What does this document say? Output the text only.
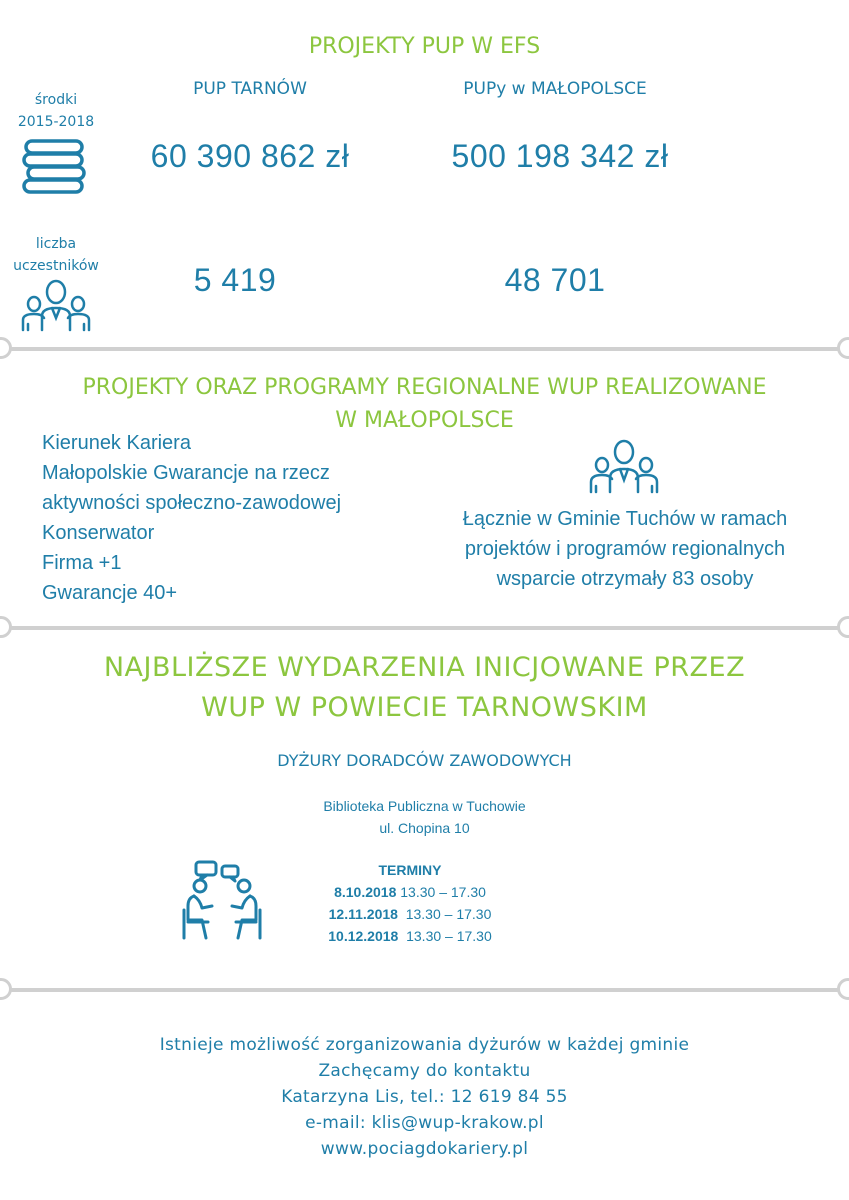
PROJEKTY PUP W EFS
PUP TARNÓW	PUPy w MAŁOPOLSCE
środki
2015-2018
60 390 862 zł	500 198 342 zł
liczba
uczestników	5 419	48 701
PROJEKTY ORAZ PROGRAMY REGIONALNE WUP REALIZOWANE
W MAŁOPOLSCE
Kierunek Kariera
Małopolskie Gwarancje na rzecz
aktywności społeczno-zawodowej
Konserwator
Firma +1
Gwarancje 40+
Łącznie w Gminie Tuchów w ramach
projektów i programów regionalnych
wsparcie otrzymały 83 osoby
NAJBLIŻSZE WYDARZENIA INICJOWANE PRZEZ
WUP W POWIECIE TARNOWSKIM
DYŻURY DORADCÓW ZAWODOWYCH
Biblioteka Publiczna w Tuchowie
ul. Chopina 10
TERMINY
8.10.2018 13.30 – 17.30
12.11.2018 13.30 – 17.30
10.12.2018 13.30 – 17.30
Istnieje możliwość zorganizowania dyżurów w każdej gminie
Zachęcamy do kontaktu
Katarzyna Lis, tel.: 12 619 84 55
e-mail: klis@wup-krakow.pl
www.pociagdokariery.pl
